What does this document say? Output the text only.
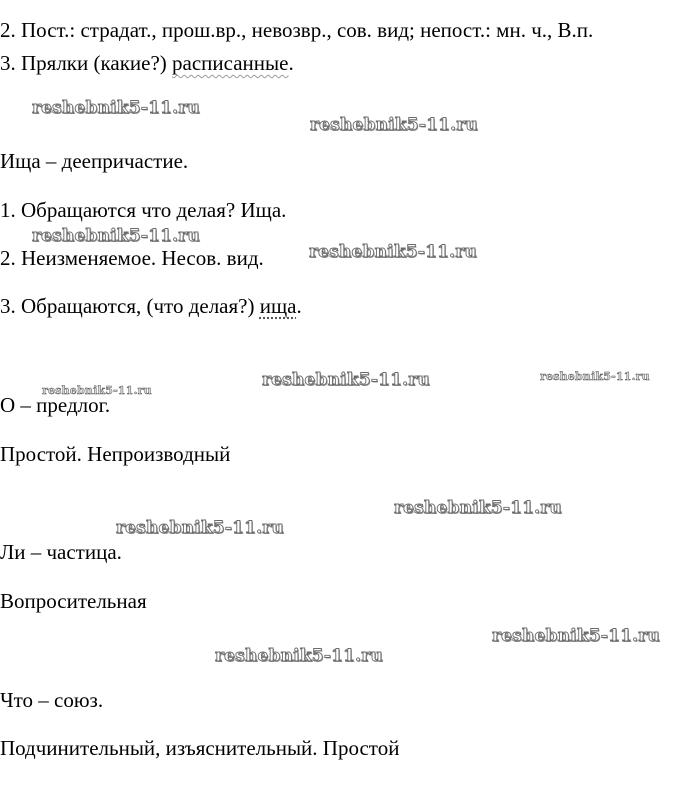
2. Пост.: страдат., прош.вр., невозвр., сов. вид; непост.: мн. ч., В.п.
3. Прялки (какие?) расписанные.
Ища – деепричастие.
1. Обращаются что делая? Ища.
2. Неизменяемое. Несов. вид.
3. Обращаются, (что делая?) ища.
О – предлог.
Простой. Непроизводный
Ли – частица.
Вопросительная
Что – союз.
Подчинительный, изъяснительный. Простой
reshebnik5-11.ru
reshebnik5-11.ru
reshebnik5-11.ru
reshebnik5-11.ru
reshebnik5-11.ru	reshebnik5-11.ru
reshebnik5-11.ru
reshebnik5-11.ru
reshebnik5-11.ru
reshebnik5-11.ru
reshebnik5-11.ru
